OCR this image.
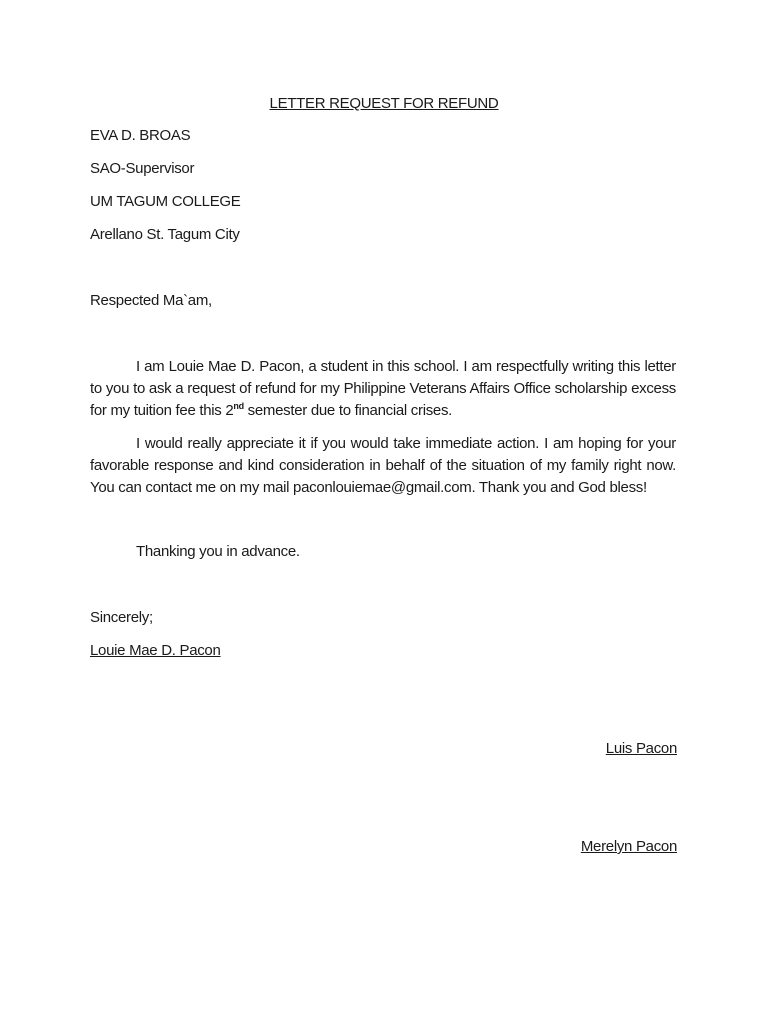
LETTER REQUEST FOR REFUND
EVA D. BROAS
SAO-Supervisor
UM TAGUM COLLEGE
Arellano St. Tagum City
Respected Ma`am,

I am Louie Mae D. Pacon, a student in this school. I am respectfully writing this letter to you to ask a request of refund for my Philippine Veterans Affairs Office scholarship excess for my tuition fee this 2nd semester due to financial crises.

I would really appreciate it if you would take immediate action. I am hoping for your favorable response and kind consideration in behalf of the situation of my family right now. You can contact me on my mail paconlouiemae@gmail.com. Thank you and God bless!

Thanking you in advance.
Sincerely;
Louie Mae D. Pacon
Luis Pacon
Merelyn Pacon
